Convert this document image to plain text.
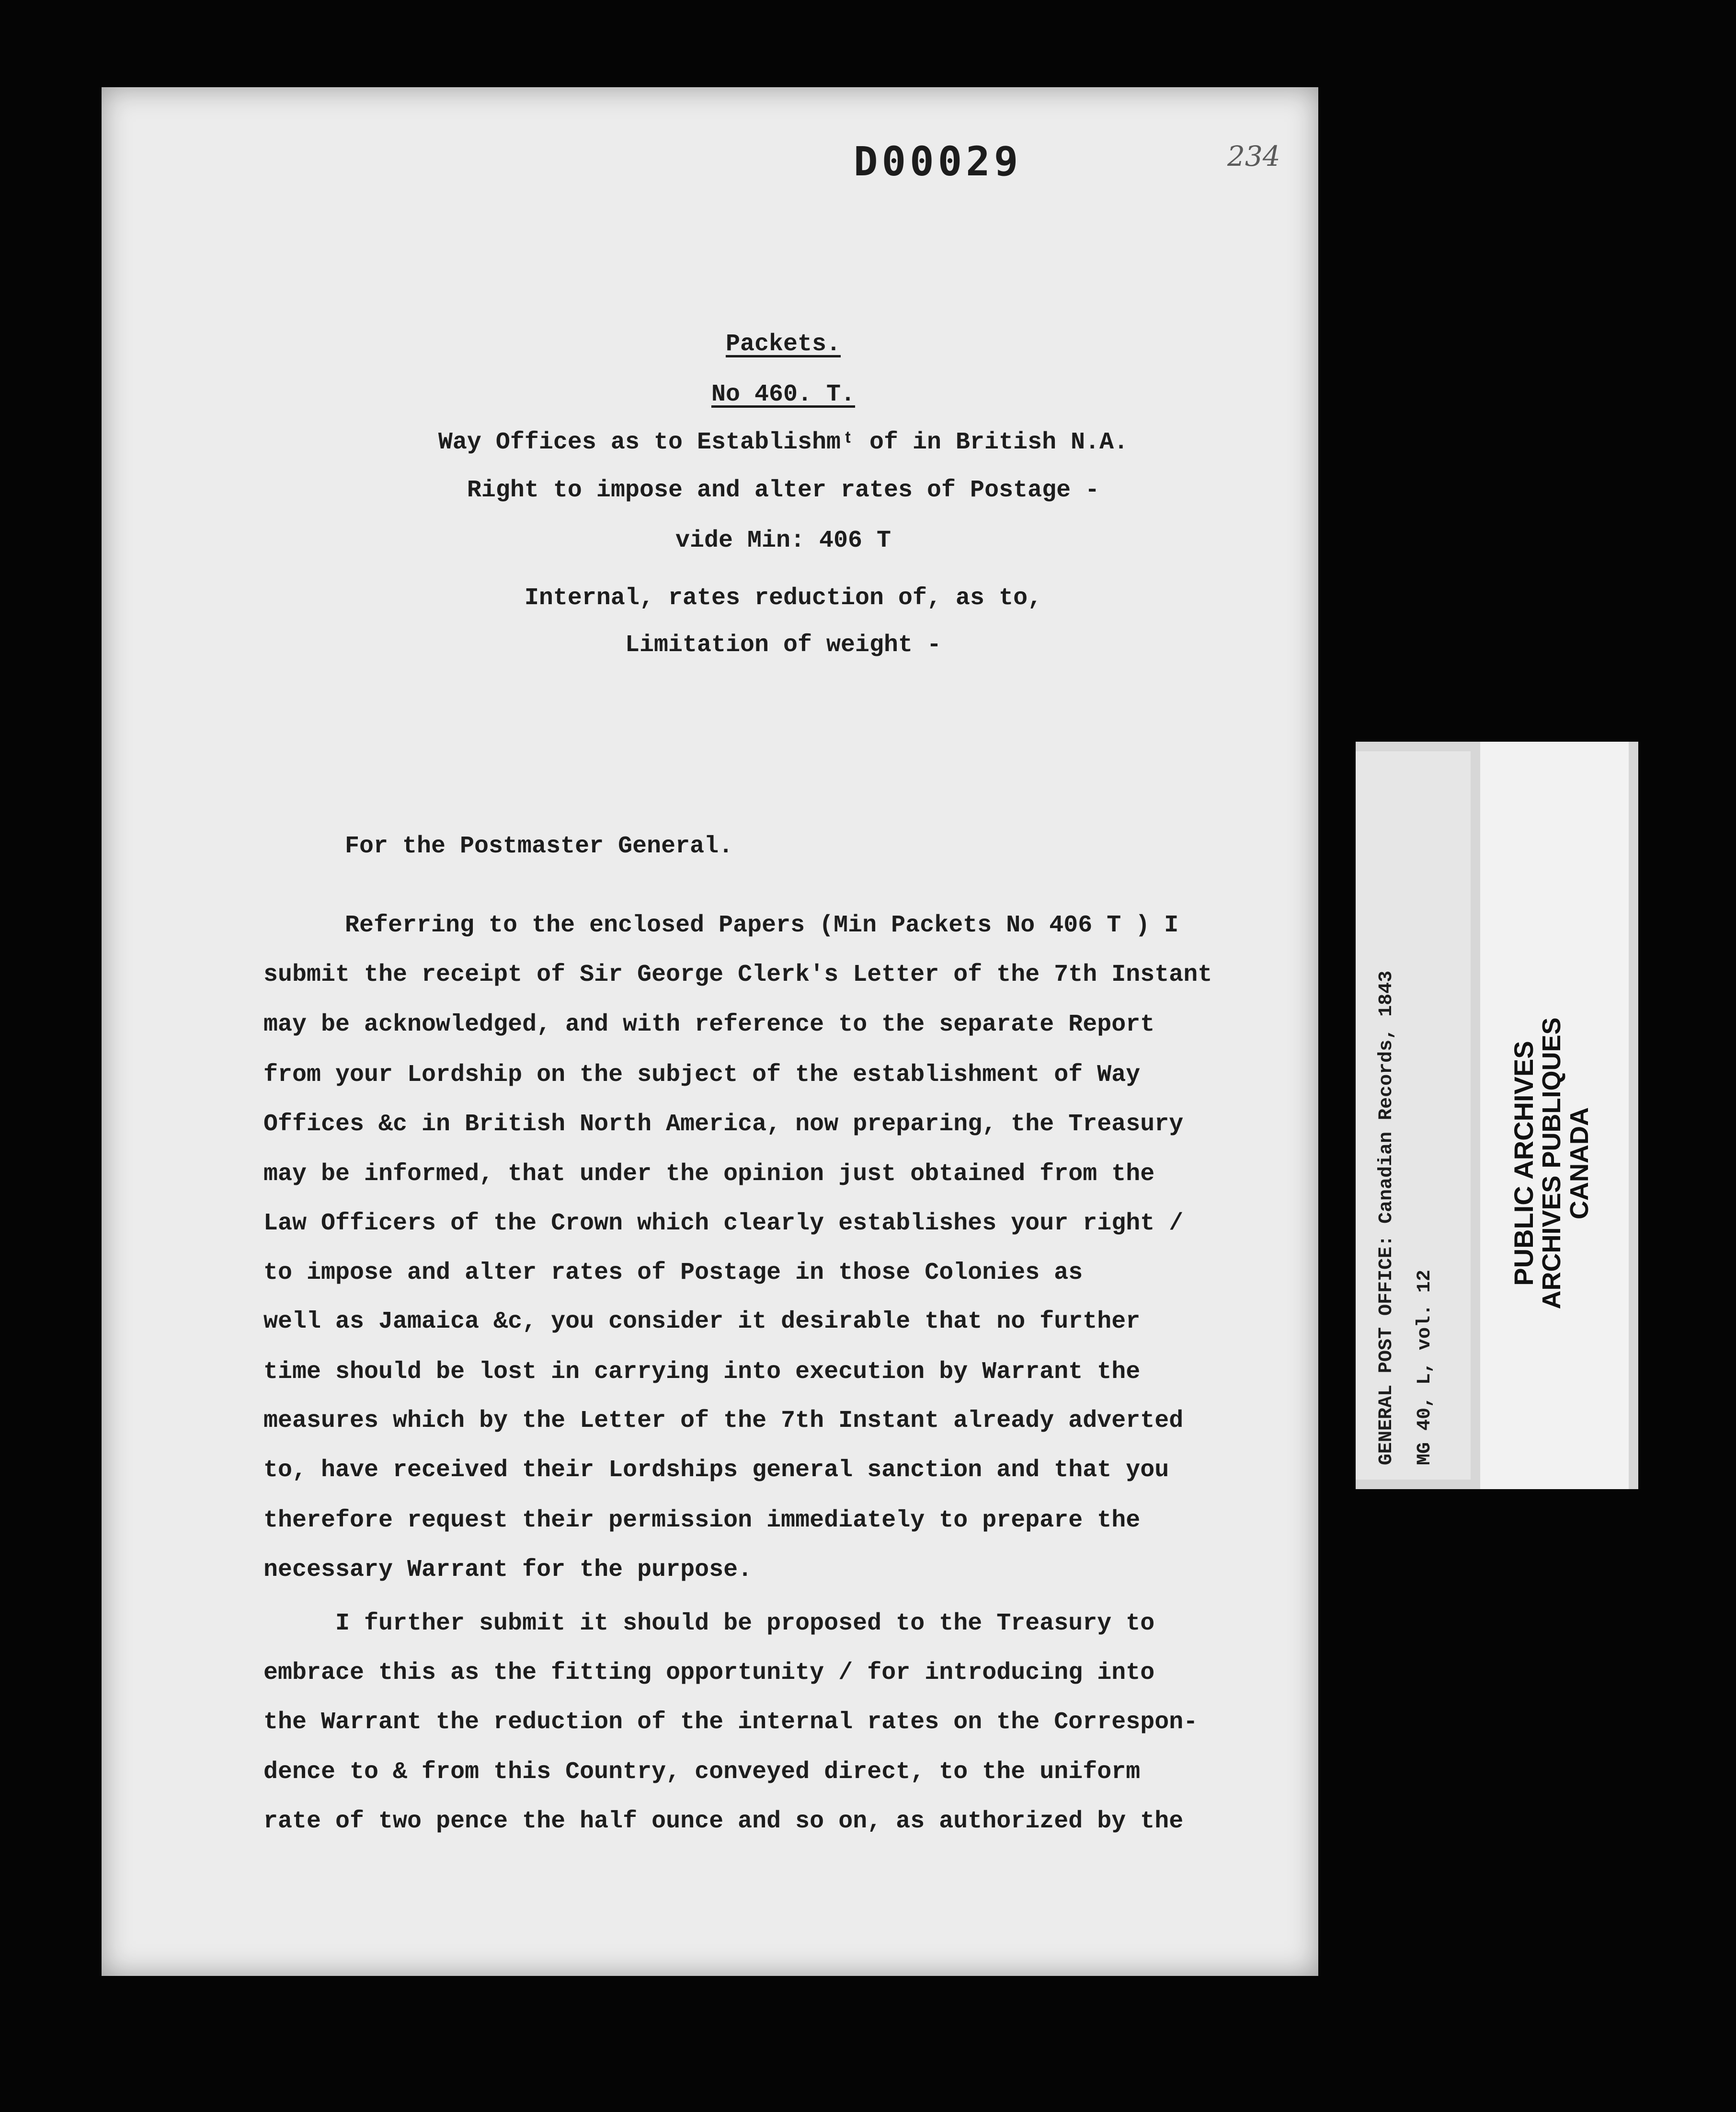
D00029	234
Packets.
No 460. T.
Way Offices as to Establishmᵗ of in British N.A.
Right to impose and alter rates of Postage -
vide Min: 406 T
Internal, rates reduction of, as to,
Limitation of weight -
For the Postmaster General.
Referring to the enclosed Papers (Min Packets No 406 T ) I
submit the receipt of Sir George Clerk's Letter of the 7th Instant
may be acknowledged, and with reference to the separate Report
from your Lordship on the subject of the establishment of Way
Offices &c in British North America, now preparing, the Treasury
may be informed, that under the opinion just obtained from the
Law Officers of the Crown which clearly establishes your right /
to impose and alter rates of Postage in those Colonies as
well as Jamaica &c, you consider it desirable that no further
time should be lost in carrying into execution by Warrant the
measures which by the Letter of the 7th Instant already adverted
to, have received their Lordships general sanction and that you
therefore request their permission immediately to prepare the
necessary Warrant for the purpose.
I further submit it should be proposed to the Treasury to
embrace this as the fitting opportunity / for introducing into
the Warrant the reduction of the internal rates on the Correspon-
dence to & from this Country, conveyed direct, to the uniform
rate of two pence the half ounce and so on, as authorized by the
GENERAL POST OFFICE: Canadian Records, 1843 MG 40, L, vol. 12
PUBLIC ARCHIVES
ARCHIVES PUBLIQUES
CANADA
